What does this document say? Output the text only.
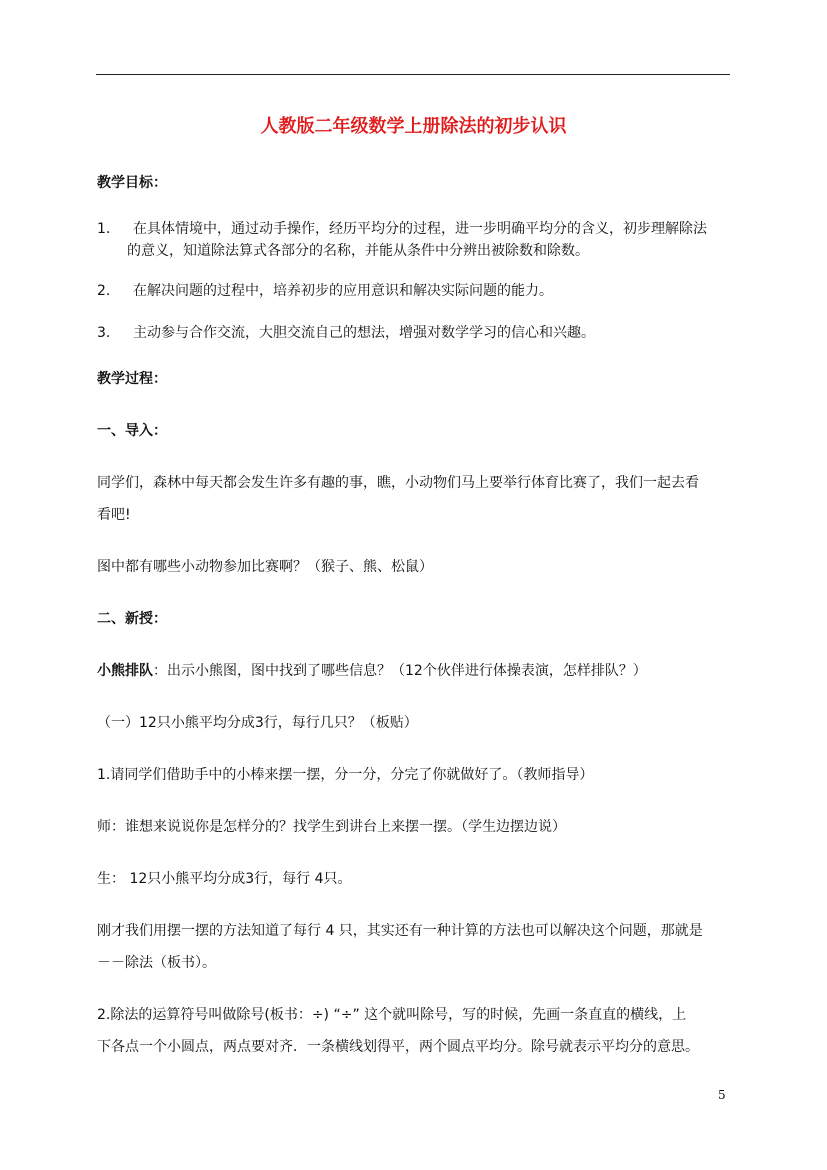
人教版二年级数学上册除法的初步认识
教学目标：
1. 在具体情境中，通过动手操作，经历平均分的过程，进一步明确平均分的含义，初步理解除法
的意义，知道除法算式各部分的名称，并能从条件中分辨出被除数和除数。
2. 在解决问题的过程中，培养初步的应用意识和解决实际问题的能力。
3. 主动参与合作交流，大胆交流自己的想法，增强对数学学习的信心和兴趣。
教学过程：
一、导入：
同学们，森林中每天都会发生许多有趣的事，瞧，小动物们马上要举行体育比赛了，我们一起去看
看吧!
图中都有哪些小动物参加比赛啊？（猴子、熊、松鼠）
二、新授：
小熊排队：出示小熊图，图中找到了哪些信息？（12个伙伴进行体操表演，怎样排队？）
（一）12只小熊平均分成3行，每行几只？（板贴）
1.请同学们借助手中的小棒来摆一摆，分一分，分完了你就做好了。（教师指导）
师：谁想来说说你是怎样分的？找学生到讲台上来摆一摆。（学生边摆边说）
生： 12只小熊平均分成3行，每行 4只。
刚才我们用摆一摆的方法知道了每行 4 只，其实还有一种计算的方法也可以解决这个问题，那就是
－－除法（板书）。
2.除法的运算符号叫做除号(板书：÷) “÷” 这个就叫除号，写的时候，先画一条直直的横线，上
下各点一个小圆点，两点要对齐．一条横线划得平，两个圆点平均分。除号就表示平均分的意思。
5
